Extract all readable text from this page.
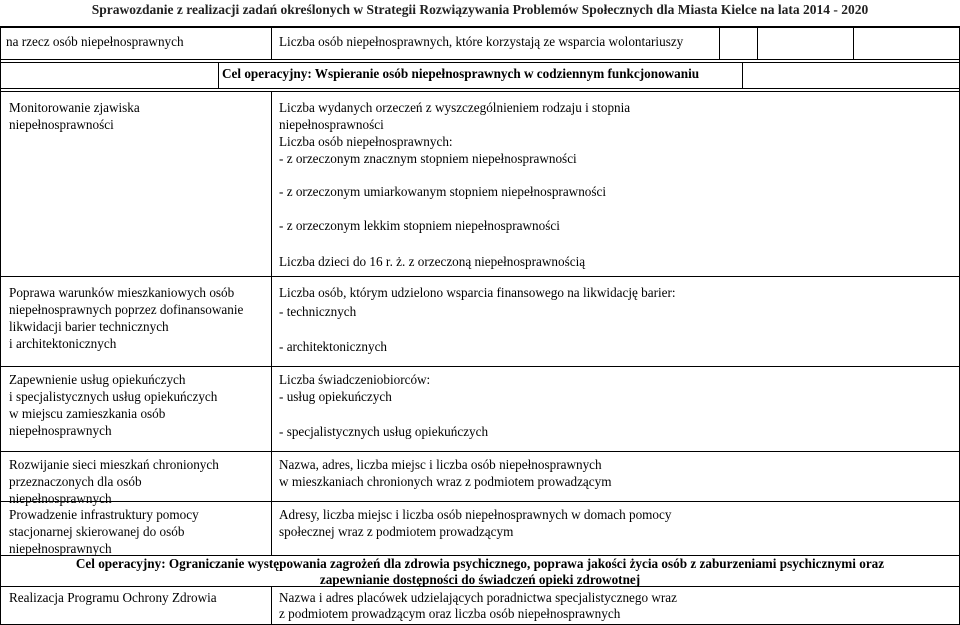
Sprawozdanie z realizacji zadań określonych w Strategii Rozwiązywania Problemów Społecznych dla Miasta Kielce na lata 2014 - 2020
na rzecz osób niepełnosprawnych	Liczba osób niepełnosprawnych, które korzystają ze wsparcia wolontariuszy
Cel operacyjny: Wspieranie osób niepełnosprawnych w codziennym funkcjonowaniu
Monitorowanie zjawiska
niepełnosprawności
Liczba wydanych orzeczeń z wyszczególnieniem rodzaju i stopnia
niepełnosprawności
Liczba osób niepełnosprawnych:
- z orzeczonym znacznym stopniem niepełnosprawności
- z orzeczonym umiarkowanym stopniem niepełnosprawności
- z orzeczonym lekkim stopniem niepełnosprawności
Liczba dzieci do 16 r. ż. z orzeczoną niepełnosprawnością
Poprawa warunków mieszkaniowych osób
niepełnosprawnych poprzez dofinansowanie
likwidacji barier technicznych
i architektonicznych
Liczba osób, którym udzielono wsparcia finansowego na likwidację barier:
- technicznych
- architektonicznych
Zapewnienie usług opiekuńczych
i specjalistycznych usług opiekuńczych
w miejscu zamieszkania osób
niepełnosprawnych
Liczba świadczeniobiorców:
- usług opiekuńczych
- specjalistycznych usług opiekuńczych
Rozwijanie sieci mieszkań chronionych
przeznaczonych dla osób
niepełnosprawnych
Nazwa, adres, liczba miejsc i liczba osób niepełnosprawnych
w mieszkaniach chronionych wraz z podmiotem prowadzącym
Prowadzenie infrastruktury pomocy
stacjonarnej skierowanej do osób
niepełnosprawnych
Adresy, liczba miejsc i liczba osób niepełnosprawnych w domach pomocy
społecznej wraz z podmiotem prowadzącym
Cel operacyjny: Ograniczanie występowania zagrożeń dla zdrowia psychicznego, poprawa jakości życia osób z zaburzeniami psychicznymi oraz
zapewnianie dostępności do świadczeń opieki zdrowotnej
Realizacja Programu Ochrony Zdrowia	Nazwa i adres placówek udzielających poradnictwa specjalistycznego wraz
z podmiotem prowadzącym oraz liczba osób niepełnosprawnych
